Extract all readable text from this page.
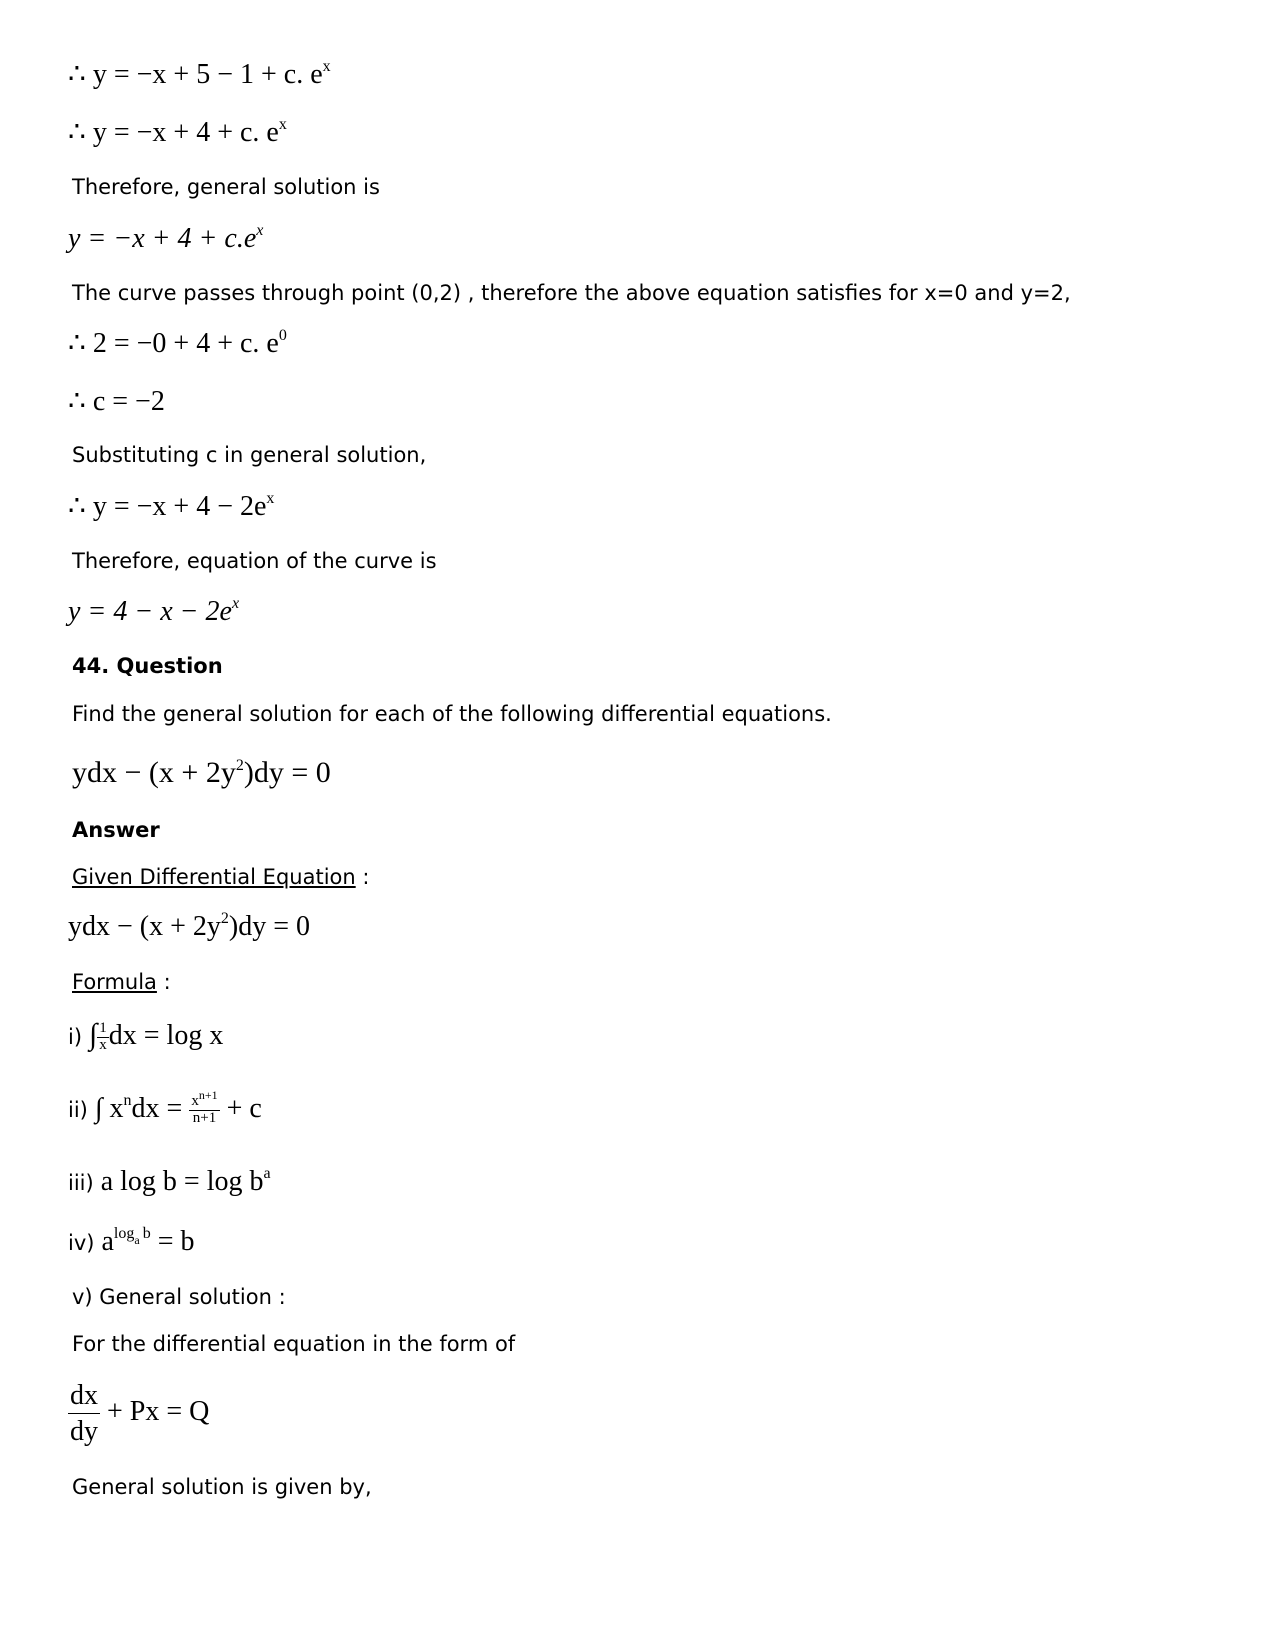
∴ y = −x + 5 − 1 + c. $e^x$
∴ y = −x + 4 + c. $e^x$
Therefore, general solution is
$y = -x + 4 + c.e^x$
The curve passes through point (0,2) , therefore the above equation satisfies for x=0 and y=2,
∴ 2 = −0 + 4 + c. $e^0$
∴ c = −2
Substituting c in general solution,
∴ $y = -x + 4 - 2e^x$
Therefore, equation of the curve is
$y = 4 - x - 2e^x$
44. Question
Find the general solution for each of the following differential equations.
ydx − $(x + 2y^2)dy = 0$
Answer
Given Differential Equation :
ydx − $(x + 2y^2)dy = 0$
Formula :
i) ∫ $\frac{1}{x}$ dx = log x
ii) ∫ $x^ndx = \frac{x^{n+1}}{n+1} + c$
iii) a $\log b = \log b^a$
iv) $a^{log_a b} = b$
v) General solution :
For the differential equation in the form of
$\frac{dx}{dy} + Px = Q$
General solution is given by,
